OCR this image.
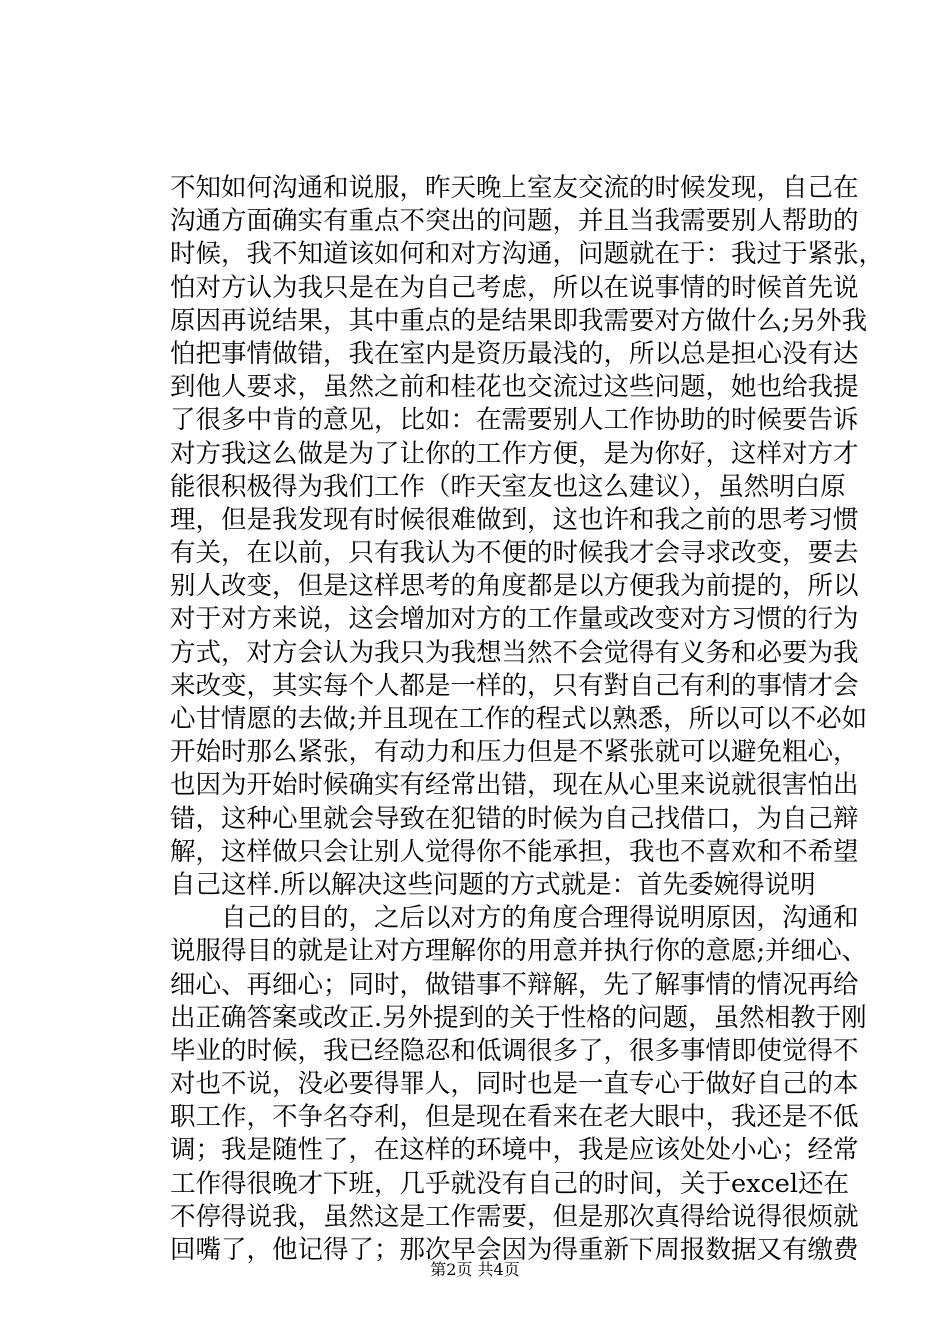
不知如何沟通和说服，昨天晚上室友交流的时候发现，自己在
沟通方面确实有重点不突出的问题，并且当我需要别人帮助的
时候，我不知道该如何和对方沟通，问题就在于：我过于紧张，
怕对方认为我只是在为自己考虑，所以在说事情的时候首先说
原因再说结果，其中重点的是结果即我需要对方做什么;另外我
怕把事情做错，我在室内是资历最浅的，所以总是担心没有达
到他人要求，虽然之前和桂花也交流过这些问题，她也给我提
了很多中肯的意见，比如：在需要别人工作协助的时候要告诉
对方我这么做是为了让你的工作方便，是为你好，这样对方才
能很积极得为我们工作（昨天室友也这么建议），虽然明白原
理，但是我发现有时候很难做到，这也许和我之前的思考习惯
有关，在以前，只有我认为不便的时候我才会寻求改变，要去
别人改变，但是这样思考的角度都是以方便我为前提的，所以
对于对方来说，这会增加对方的工作量或改变对方习惯的行为
方式，对方会认为我只为我想当然不会觉得有义务和必要为我
来改变，其实每个人都是一样的，只有對自己有利的事情才会
心甘情愿的去做;并且现在工作的程式以熟悉，所以可以不必如
开始时那么紧张，有动力和压力但是不紧张就可以避免粗心，
也因为开始时候确实有经常出错，现在从心里来说就很害怕出
错，这种心里就会导致在犯错的时候为自己找借口，为自己辩
解，这样做只会让别人觉得你不能承担，我也不喜欢和不希望
自己这样.所以解决这些问题的方式就是：首先委婉得说明
　　自己的目的，之后以对方的角度合理得说明原因，沟通和
说服得目的就是让对方理解你的用意并执行你的意愿;并细心、
细心、再细心；同时，做错事不辩解，先了解事情的情况再给
出正确答案或改正.另外提到的关于性格的问题，虽然相教于刚
毕业的时候，我已经隐忍和低调很多了，很多事情即使觉得不
对也不说，没必要得罪人，同时也是一直专心于做好自己的本
职工作，不争名夺利，但是现在看来在老大眼中，我还是不低
调；我是随性了，在这样的环境中，我是应该处处小心；经常
工作得很晚才下班，几乎就没有自己的时间，关于excel还在
不停得说我，虽然这是工作需要，但是那次真得给说得很烦就
回嘴了，他记得了；那次早会因为得重新下周报数据又有缴费
第2页 共4页
